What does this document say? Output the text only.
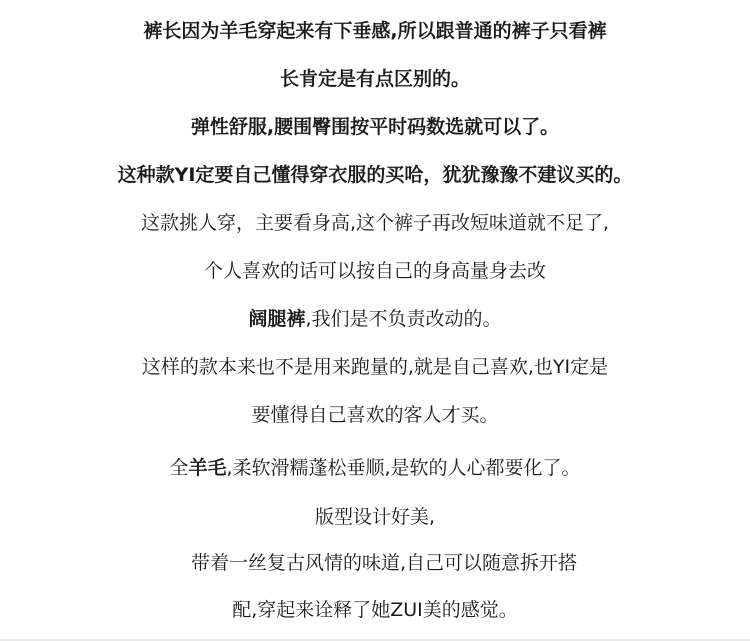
裤长因为羊毛穿起来有下垂感,所以跟普通的裤子只看裤
长肯定是有点区别的。
弹性舒服,腰围臀围按平时码数选就可以了。
这种款YI定要自己懂得穿衣服的买哈，犹犹豫豫不建议买的。
这款挑人穿，主要看身高,这个裤子再改短味道就不足了,
个人喜欢的话可以按自己的身高量身去改
阔腿裤,我们是不负责改动的。
这样的款本来也不是用来跑量的,就是自己喜欢,也YI定是
要懂得自己喜欢的客人才买。
全羊毛,柔软滑糯蓬松垂顺,是软的人心都要化了。
版型设计好美,
带着一丝复古风情的味道,自己可以随意拆开搭
配,穿起来诠释了她ZUI美的感觉。
